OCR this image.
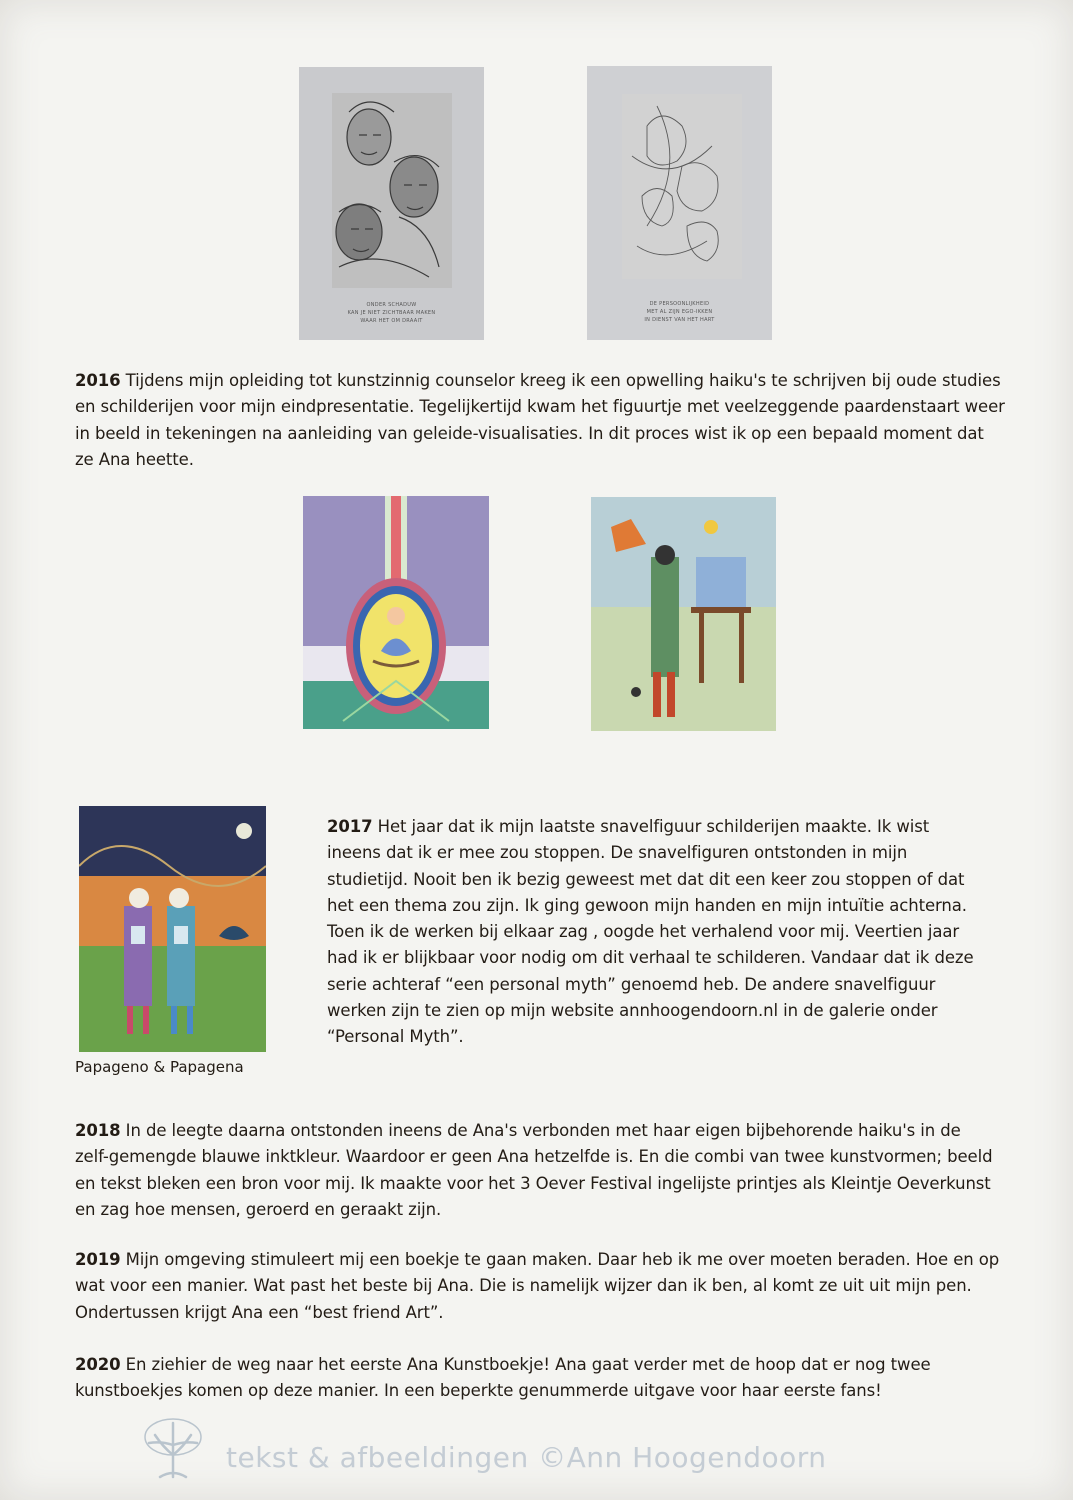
ONDER SCHADUW
KAN JE NIET ZICHTBAAR MAKEN
WAAR HET OM DRAAIT
DE PERSOONLIJKHEID
MET AL ZIJN EGO-IKKEN
IN DIENST VAN HET HART
2016 Tijdens mijn opleiding tot kunstzinnig counselor kreeg ik een opwelling haiku's te schrijven bij oude studies en schilderijen voor mijn eindpresentatie. Tegelijkertijd kwam het figuurtje met veelzeggende paardenstaart weer in beeld in tekeningen na aanleiding van geleide-visualisaties. In dit proces wist ik op een bepaald moment dat ze Ana heette.
Papageno & Papagena
2017 Het jaar dat ik mijn laatste snavelfiguur schilderijen maakte. Ik wist ineens dat ik er mee zou stoppen. De snavelfiguren ontstonden in mijn studietijd. Nooit ben ik bezig geweest met dat dit een keer zou stoppen of dat het een thema zou zijn. Ik ging gewoon mijn handen en mijn intuïtie achterna. Toen ik de werken bij elkaar zag , oogde het verhalend voor mij. Veertien jaar had ik er blijkbaar voor nodig om dit verhaal te schilderen. Vandaar dat ik deze serie achteraf “een personal myth” genoemd heb. De andere snavelfiguur werken zijn te zien op mijn website annhoogendoorn.nl in de galerie onder “Personal Myth”.
2018 In de leegte daarna ontstonden ineens de Ana's verbonden met haar eigen bijbehorende haiku's in de zelf-gemengde blauwe inktkleur. Waardoor er geen Ana hetzelfde is. En die combi van twee kunstvormen; beeld en tekst bleken een bron voor mij. Ik maakte voor het 3 Oever Festival ingelijste printjes als Kleintje Oeverkunst en zag hoe mensen, geroerd en geraakt zijn.
2019 Mijn omgeving stimuleert mij een boekje te gaan maken. Daar heb ik me over moeten beraden. Hoe en op wat voor een manier. Wat past het beste bij Ana. Die is namelijk wijzer dan ik ben, al komt ze uit uit mijn pen. Ondertussen krijgt Ana een “best friend Art”.
2020 En ziehier de weg naar het eerste Ana Kunstboekje! Ana gaat verder met de hoop dat er nog twee kunstboekjes komen op deze manier. In een beperkte genummerde uitgave voor haar eerste fans!
tekst & afbeeldingen ©Ann Hoogendoorn
